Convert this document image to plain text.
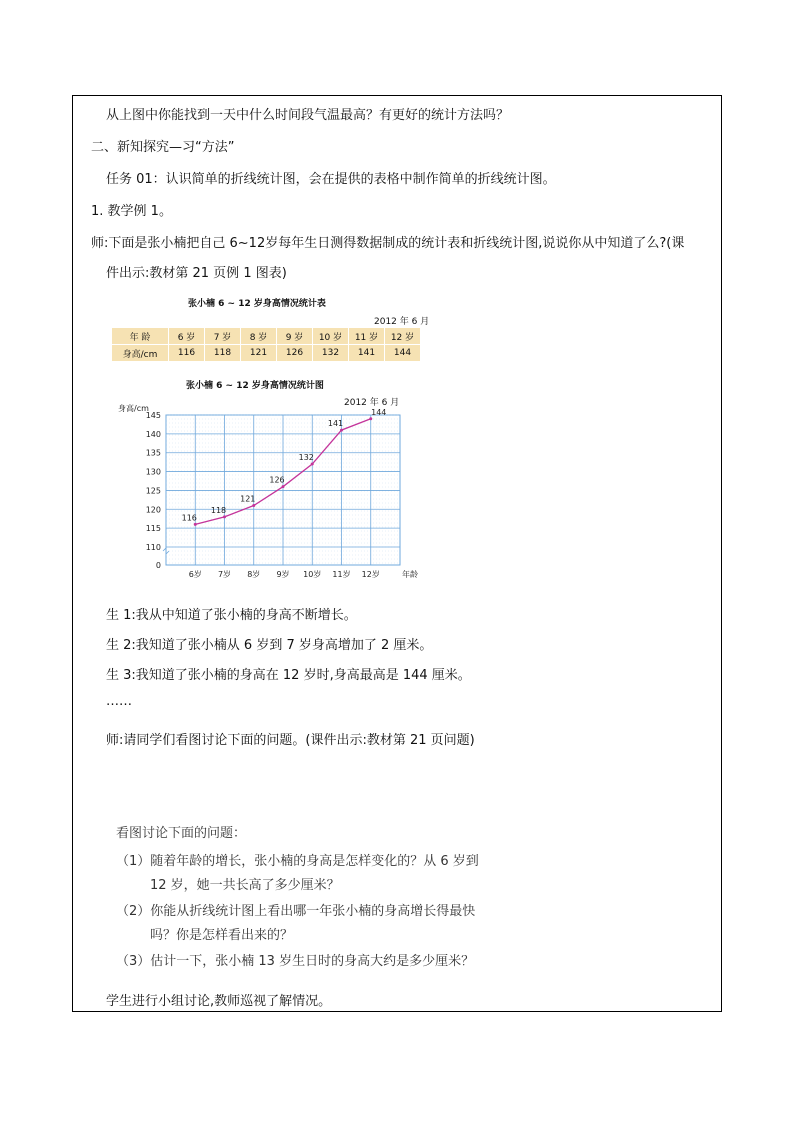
从上图中你能找到一天中什么时间段气温最高？有更好的统计方法吗？
二、新知探究—习“方法”
任务 01：认识简单的折线统计图，会在提供的表格中制作简单的折线统计图。
1. 教学例 1。
师:下面是张小楠把自己 6~12岁每年生日测得数据制成的统计表和折线统计图,说说你从中知道了么?(课
件出示:教材第 21 页例 1 图表)
张小楠 6 ~ 12 岁身高情况统计表
2012 年 6 月
年 龄	6 岁	7 岁	8 岁	9 岁	10 岁	11 岁	12 岁
身高/cm	116	118	121	126	132	141	144
张小楠 6 ~ 12 岁身高情况统计图
2012 年 6 月
0
110
115
120
125
130
135
140
145
6岁 7岁 8岁 9岁 10岁 11岁 12岁	年龄
身高/cm
116
118
121
126
132
141
144
生 1:我从中知道了张小楠的身高不断增长。
生 2:我知道了张小楠从 6 岁到 7 岁身高增加了 2 厘米。
生 3:我知道了张小楠的身高在 12 岁时,身高最高是 144 厘米。
……
师:请同学们看图讨论下面的问题。(课件出示:教材第 21 页问题)
看图讨论下面的问题：
（1）随着年龄的增长，张小楠的身高是怎样变化的？从 6 岁到
12 岁，她一共长高了多少厘米？
（2）你能从折线统计图上看出哪一年张小楠的身高增长得最快
吗？你是怎样看出来的？
（3）估计一下，张小楠 13 岁生日时的身高大约是多少厘米？
学生进行小组讨论,教师巡视了解情况。
